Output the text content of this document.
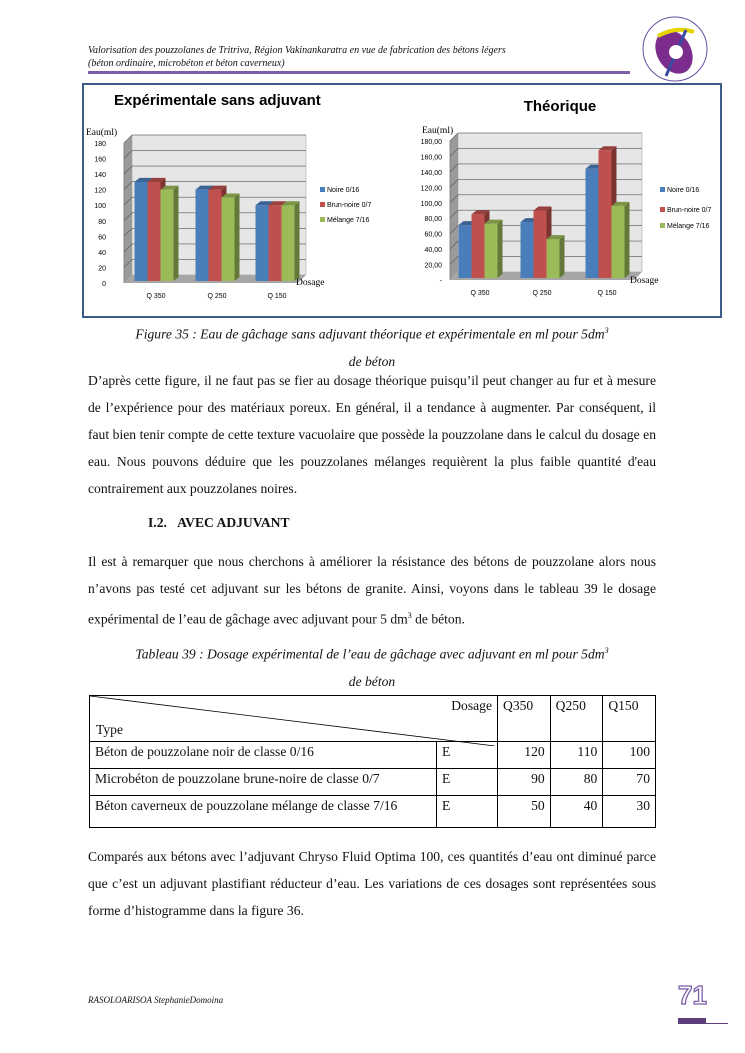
Valorisation des pouzzolanes de Tritriva, Région Vakinankaratra en vue de fabrication des bétons légers
(béton ordinaire, microbéton et béton caverneux)
Expérimentale sans adjuvant
0
20
40
60
80
100
120
140
160
180
Eau(ml)
Dosage
Q 350	Q 250	Q 150
Noire 0/16
Brun-noire 0/7
Mélange 7/16
Théorique
-
20,00
40,00
60,00
80,00
100,00
120,00
140,00
160,00
180,00
Eau(ml)
Dosage
Q 350	Q 250	Q 150
Noire 0/16
Brun-noire 0/7
Mélange 7/16
Figure 35 : Eau de gâchage sans adjuvant théorique et expérimentale en ml pour $5dm^3$
de béton
D’après cette figure, il ne faut pas se fier au dosage théorique puisqu’il peut changer au fur et à mesure de l’expérience pour des matériaux poreux. En général, il a tendance à augmenter. Par conséquent, il faut bien tenir compte de cette texture vacuolaire que possède la pouzzolane dans le calcul du dosage en eau. Nous pouvons déduire que les pouzzolanes mélanges requièrent la plus faible quantité d'eau contrairement aux pouzzolanes noires.
I.2. AVEC ADJUVANT
Il est à remarquer que nous cherchons à améliorer la résistance des bétons de pouzzolane alors nous n’avons pas testé cet adjuvant sur les bétons de granite. Ainsi, voyons dans le tableau 39 le dosage expérimental de l’eau de gâchage avec adjuvant pour 5 $dm^3$ de béton.
Tableau 39 : Dosage expérimental de l’eau de gâchage avec adjuvant en ml pour $5dm^3$
de béton
Dosage
Type		Q350	Q250	Q150
Béton de pouzzolane noir de classe 0/16	E	120	110	100
Microbéton de pouzzolane brune-noire de classe 0/7	E	90	80	70
Béton caverneux de pouzzolane mélange de classe 7/16	E	50	40	30
Comparés aux bétons avec l’adjuvant Chryso Fluid Optima 100, ces quantités d’eau ont diminué parce que c’est un adjuvant plastifiant réducteur d’eau. Les variations de ces dosages sont représentées sous forme d’histogramme dans la figure 36.
RASOLOARISOA StephanieDomoina	71
